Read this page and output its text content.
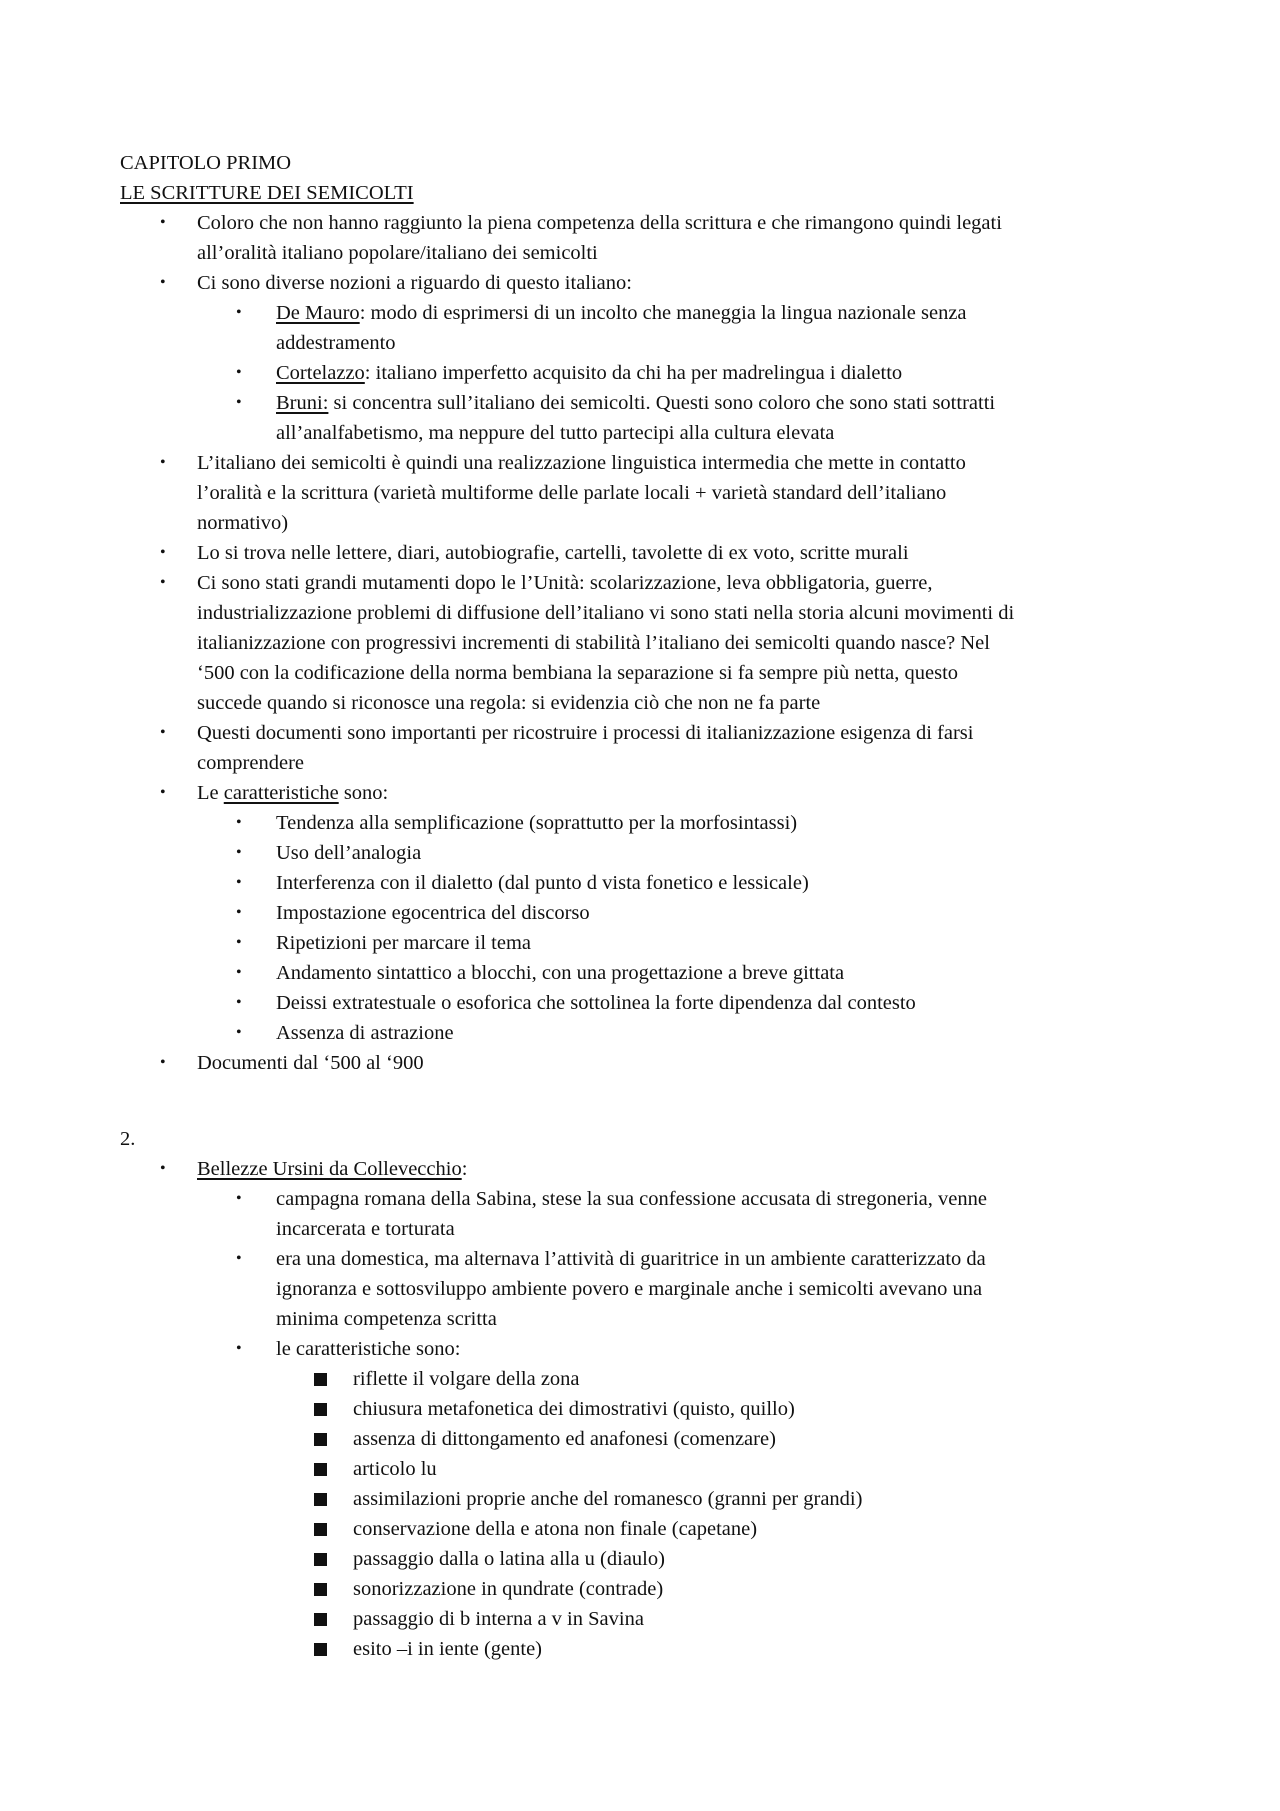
CAPITOLO PRIMO
LE SCRITTURE DEI SEMICOLTI
• Coloro che non hanno raggiunto la piena competenza della scrittura e che rimangono quindi legati
all’oralità italiano popolare/italiano dei semicolti
• Ci sono diverse nozioni a riguardo di questo italiano:
• De Mauro: modo di esprimersi di un incolto che maneggia la lingua nazionale senza
addestramento
• Cortelazzo: italiano imperfetto acquisito da chi ha per madrelingua i dialetto
• Bruni: si concentra sull’italiano dei semicolti. Questi sono coloro che sono stati sottratti
all’analfabetismo, ma neppure del tutto partecipi alla cultura elevata
• L’italiano dei semicolti è quindi una realizzazione linguistica intermedia che mette in contatto
l’oralità e la scrittura (varietà multiforme delle parlate locali + varietà standard dell’italiano
normativo)
• Lo si trova nelle lettere, diari, autobiografie, cartelli, tavolette di ex voto, scritte murali
• Ci sono stati grandi mutamenti dopo le l’Unità: scolarizzazione, leva obbligatoria, guerre,
industrializzazione problemi di diffusione dell’italiano vi sono stati nella storia alcuni movimenti di
italianizzazione con progressivi incrementi di stabilità l’italiano dei semicolti quando nasce? Nel
‘500 con la codificazione della norma bembiana la separazione si fa sempre più netta, questo
succede quando si riconosce una regola: si evidenzia ciò che non ne fa parte
• Questi documenti sono importanti per ricostruire i processi di italianizzazione esigenza di farsi
comprendere
• Le caratteristiche sono:
• Tendenza alla semplificazione (soprattutto per la morfosintassi)
• Uso dell’analogia
• Interferenza con il dialetto (dal punto d vista fonetico e lessicale)
• Impostazione egocentrica del discorso
• Ripetizioni per marcare il tema
• Andamento sintattico a blocchi, con una progettazione a breve gittata
• Deissi extratestuale o esoforica che sottolinea la forte dipendenza dal contesto
• Assenza di astrazione
• Documenti dal ‘500 al ‘900
2.
• Bellezze Ursini da Collevecchio:
• campagna romana della Sabina, stese la sua confessione accusata di stregoneria, venne
incarcerata e torturata
• era una domestica, ma alternava l’attività di guaritrice in un ambiente caratterizzato da
ignoranza e sottosviluppo ambiente povero e marginale anche i semicolti avevano una
minima competenza scritta
• le caratteristiche sono:
riflette il volgare della zona
chiusura metafonetica dei dimostrativi (quisto, quillo)
assenza di dittongamento ed anafonesi (comenzare)
articolo lu
assimilazioni proprie anche del romanesco (granni per grandi)
conservazione della e atona non finale (capetane)
passaggio dalla o latina alla u (diaulo)
sonorizzazione in qundrate (contrade)
passaggio di b interna a v in Savina
esito –i in iente (gente)
